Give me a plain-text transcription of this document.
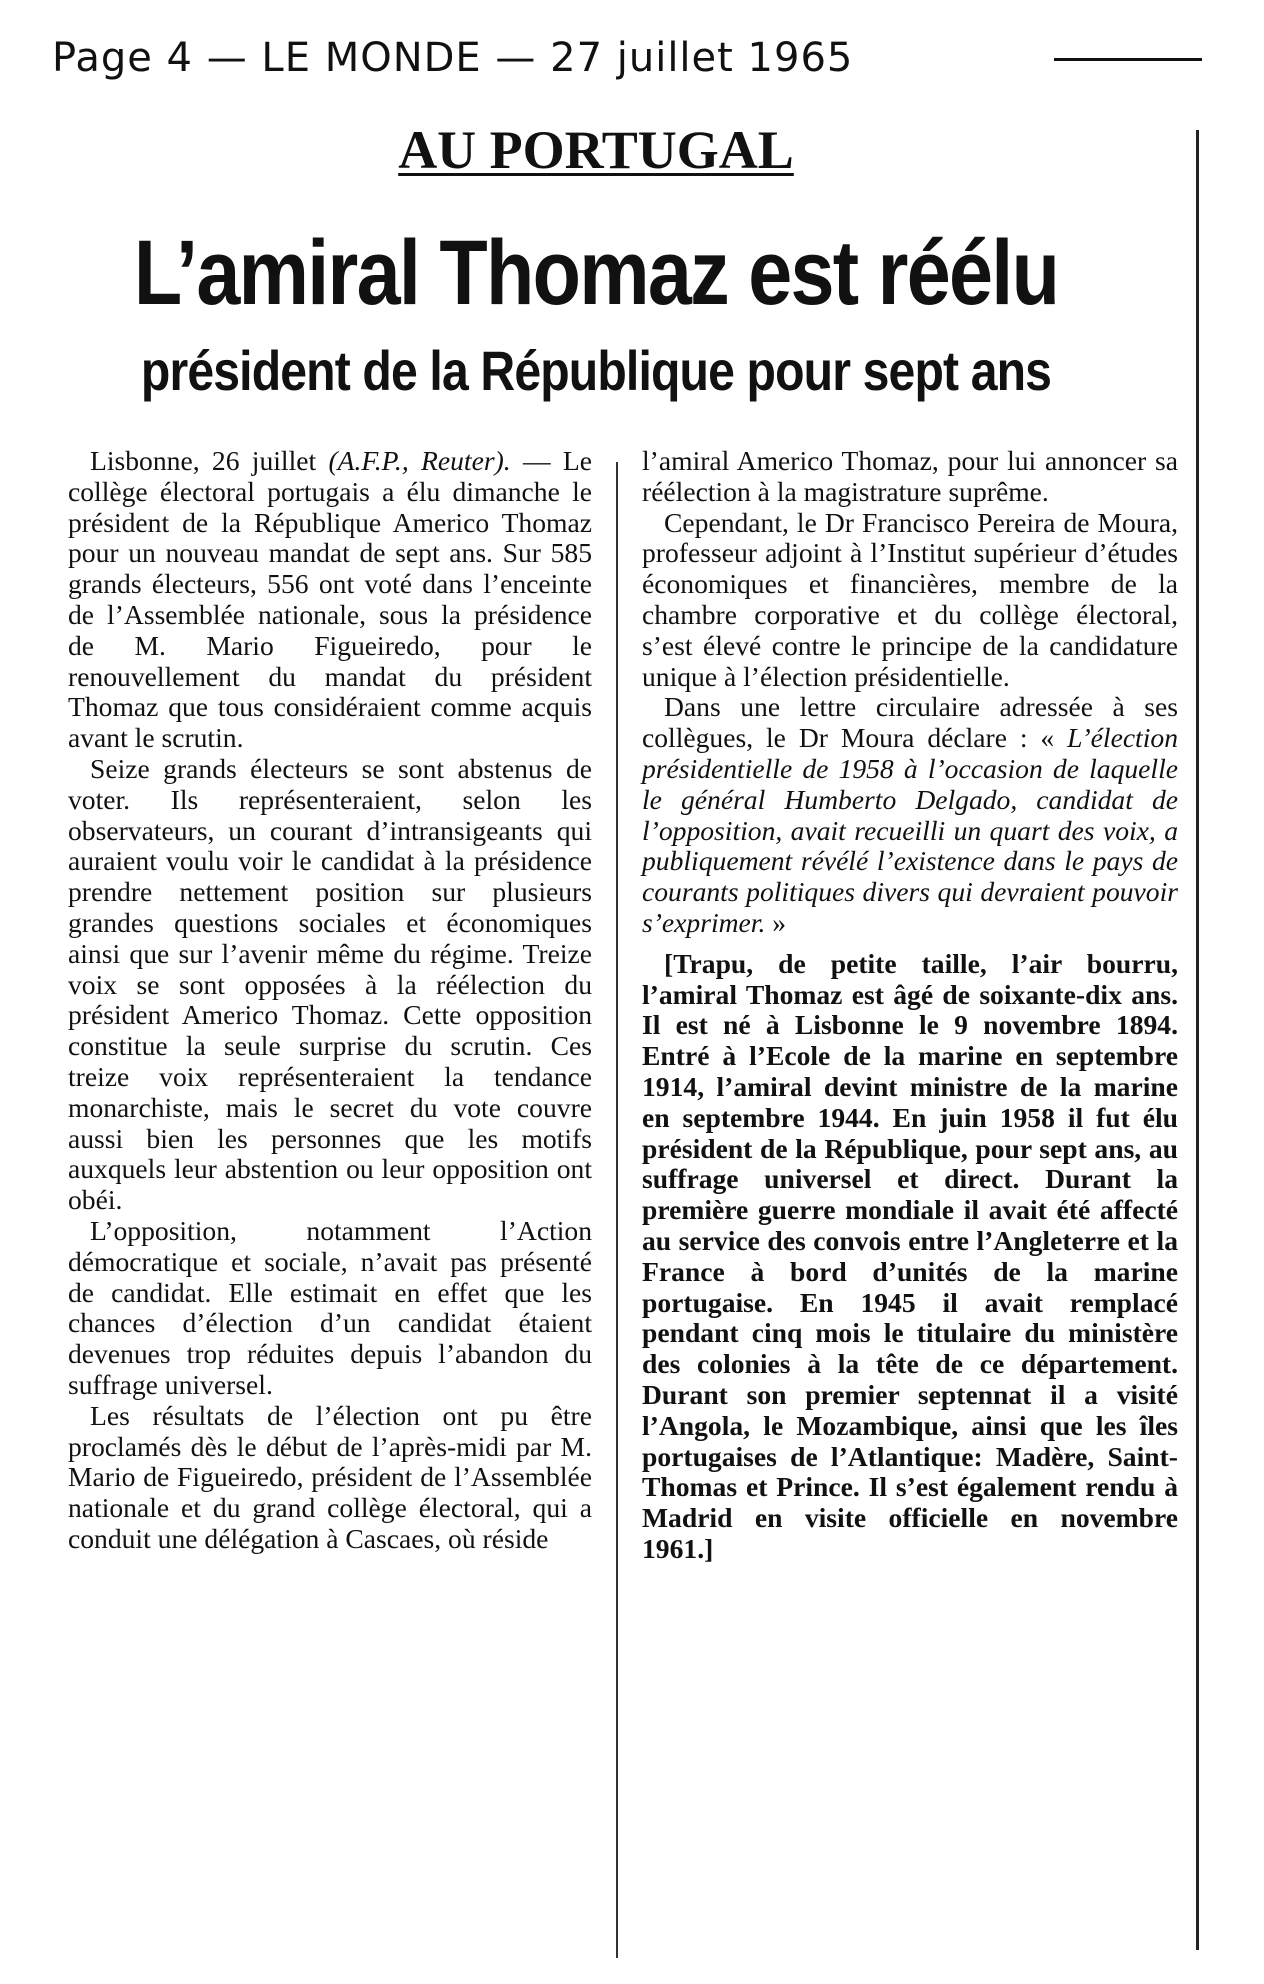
Page 4 — LE MONDE — 27 juillet 1965
AU PORTUGAL
L’amiral Thomaz est réélu
président de la République pour sept ans

Lisbonne, 26 juillet (A.F.P., Reuter). — Le collège électoral portugais a élu dimanche le président de la République Americo Thomaz pour un nouveau mandat de sept ans. Sur 585 grands électeurs, 556 ont voté dans l’enceinte de l’Assemblée nationale, sous la présidence de M. Mario Figueiredo, pour le renouvellement du mandat du président Thomaz que tous considéraient comme acquis avant le scrutin.

Seize grands électeurs se sont abstenus de voter. Ils représenteraient, selon les observateurs, un courant d’intransigeants qui auraient voulu voir le candidat à la présidence prendre nettement position sur plusieurs grandes questions sociales et économiques ainsi que sur l’avenir même du régime. Treize voix se sont opposées à la réélection du président Americo Thomaz. Cette opposition constitue la seule surprise du scrutin. Ces treize voix représenteraient la tendance monarchiste, mais le secret du vote couvre aussi bien les personnes que les motifs auxquels leur abstention ou leur opposition ont obéi.

L’opposition, notamment l’Action démocratique et sociale, n’avait pas présenté de candidat. Elle estimait en effet que les chances d’élection d’un candidat étaient devenues trop réduites depuis l’abandon du suffrage universel.

Les résultats de l’élection ont pu être proclamés dès le début de l’après-midi par M. Mario de Figueiredo, président de l’Assemblée nationale et du grand collège électoral, qui a conduit une délégation à Cascaes, où réside

l’amiral Americo Thomaz, pour lui annoncer sa réélection à la magistrature suprême.

Cependant, le Dr Francisco Pereira de Moura, professeur adjoint à l’Institut supérieur d’études économiques et financières, membre de la chambre corporative et du collège électoral, s’est élevé contre le principe de la candidature unique à l’élection présidentielle.

Dans une lettre circulaire adressée à ses collègues, le Dr Moura déclare : « L’élection présidentielle de 1958 à l’occasion de laquelle le général Humberto Delgado, candidat de l’opposition, avait recueilli un quart des voix, a publiquement révélé l’existence dans le pays de courants politiques divers qui devraient pouvoir s’exprimer. »

[Trapu, de petite taille, l’air bourru, l’amiral Thomaz est âgé de soixante-dix ans. Il est né à Lisbonne le 9 novembre 1894. Entré à l’Ecole de la marine en septembre 1914, l’amiral devint ministre de la marine en septembre 1944. En juin 1958 il fut élu président de la République, pour sept ans, au suffrage universel et direct. Durant la première guerre mondiale il avait été affecté au service des convois entre l’Angleterre et la France à bord d’unités de la marine portugaise. En 1945 il avait remplacé pendant cinq mois le titulaire du ministère des colonies à la tête de ce département. Durant son premier septennat il a visité l’Angola, le Mozambique, ainsi que les îles portugaises de l’Atlantique: Madère, Saint-Thomas et Prince. Il s’est également rendu à Madrid en visite officielle en novembre 1961.]
